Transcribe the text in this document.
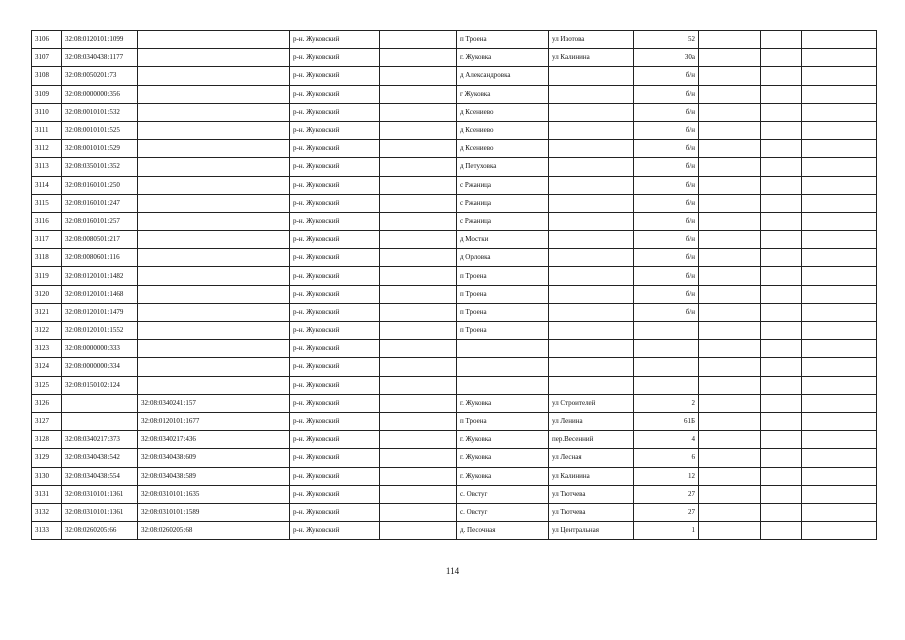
3106	32:08:0120101:1099		р-н. Жуковский		п Троена	ул Изотова	52			
3107	32:08:0340438:1177		р-н. Жуковский		г. Жуковка	ул Калинина	30а			
3108	32:08:0050201:73		р-н. Жуковский		д Александровка		б/н			
3109	32:08:0000000:356		р-н. Жуковский		г Жуковка		б/н			
3110	32:08:0010101:532		р-н. Жуковский		д Ксениево		б/н			
3111	32:08:0010101:525		р-н. Жуковский		д Ксениево		б/н			
3112	32:08:0010101:529		р-н. Жуковский		д Ксениево		б/н			
3113	32:08:0350101:352		р-н. Жуковский		д Петуховка		б/н			
3114	32:08:0160101:250		р-н. Жуковский		с Ржаница		б/н			
3115	32:08:0160101:247		р-н. Жуковский		с Ржаница		б/н			
3116	32:08:0160101:257		р-н. Жуковский		с Ржаница		б/н			
3117	32:08:0080501:217		р-н. Жуковский		д Мостки		б/н			
3118	32:08:0080601:116		р-н. Жуковский		д Орловка		б/н			
3119	32:08:0120101:1482		р-н. Жуковский		п Троена		б/н			
3120	32:08:0120101:1468		р-н. Жуковский		п Троена		б/н			
3121	32:08:0120101:1479		р-н. Жуковский		п Троена		б/н			
3122	32:08:0120101:1552		р-н. Жуковский		п Троена					
3123	32:08:0000000:333		р-н. Жуковский							
3124	32:08:0000000:334		р-н. Жуковский							
3125	32:08:0150102:124		р-н. Жуковский							
3126		32:08:0340241:157	р-н. Жуковский		г. Жуковка	ул Строителей	2			
3127		32:08:0120101:1677	р-н. Жуковский		п Троена	ул Ленина	61Б			
3128	32:08:0340217:373	32:08:0340217:436	р-н. Жуковский		г. Жуковка	пер.Весенний	4			
3129	32:08:0340438:542	32:08:0340438:609	р-н. Жуковский		г. Жуковка	ул Лесная	6			
3130	32:08:0340438:554	32:08:0340438:589	р-н. Жуковский		г. Жуковка	ул Калинина	12			
3131	32:08:0310101:1361	32:08:0310101:1635	р-н. Жуковский		с. Овстуг	ул Тютчева	27			
3132	32:08:0310101:1361	32:08:0310101:1589	р-н. Жуковский		с. Овстуг	ул Тютчева	27			
3133	32:08:0260205:66	32:08:0260205:68	р-н. Жуковский		д. Песочная	ул Центральная	1			
114
